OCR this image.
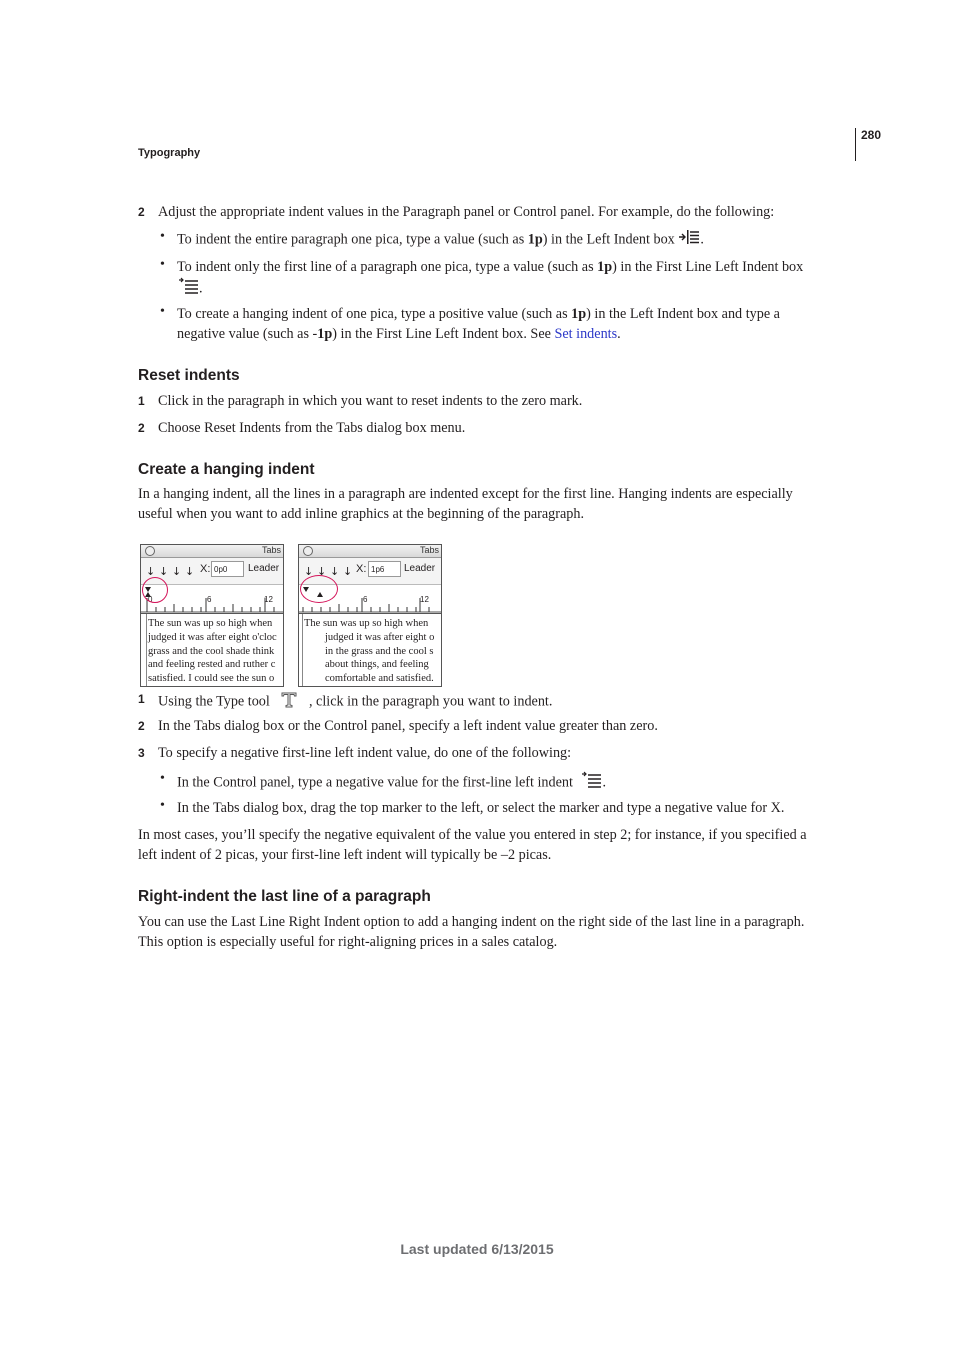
280
Typography
2 Adjust the appropriate indent values in the Paragraph panel or Control panel. For example, do the following:
• To indent the entire paragraph one pica, type a value (such as 1p) in the Left Indent box .
• To indent only the first line of a paragraph one pica, type a value (such as 1p) in the First Line Left Indent box
.
• To create a hanging indent of one pica, type a positive value (such as 1p) in the Left Indent box and type a
negative value (such as -1p) in the First Line Left Indent box. See Set indents.
Reset indents
1 Click in the paragraph in which you want to reset indents to the zero mark.
2 Choose Reset Indents from the Tabs dialog box menu.
Create a hanging indent
In a hanging indent, all the lines in a paragraph are indented except for the first line. Hanging indents are especially
useful when you want to add inline graphics at the beginning of the paragraph.
Tabs
↓ ↓ ↓ ↓ X: 0p0	Leader
0	6	12
The sun was up so high when
judged it was after eight o'cloc
grass and the cool shade think
and feeling rested and ruther c
satisfied. I could see the sun o
Tabs
↓ ↓ ↓ ↓ X: 1p6	Leader
6	12
The sun was up so high when
judged it was after eight o
in the grass and the cool s
about things, and feeling
comfortable and satisfied.
1 Using the Type tool	, click in the paragraph you want to indent.
2 In the Tabs dialog box or the Control panel, specify a left indent value greater than zero.
3 To specify a negative first-line left indent value, do one of the following:
• In the Control panel, type a negative value for the first-line left indent .
• In the Tabs dialog box, drag the top marker to the left, or select the marker and type a negative value for X.
In most cases, you’ll specify the negative equivalent of the value you entered in step 2; for instance, if you specified a
left indent of 2 picas, your first-line left indent will typically be –2 picas.
Right-indent the last line of a paragraph
You can use the Last Line Right Indent option to add a hanging indent on the right side of the last line in a paragraph.
This option is especially useful for right-aligning prices in a sales catalog.
Last updated 6/13/2015
